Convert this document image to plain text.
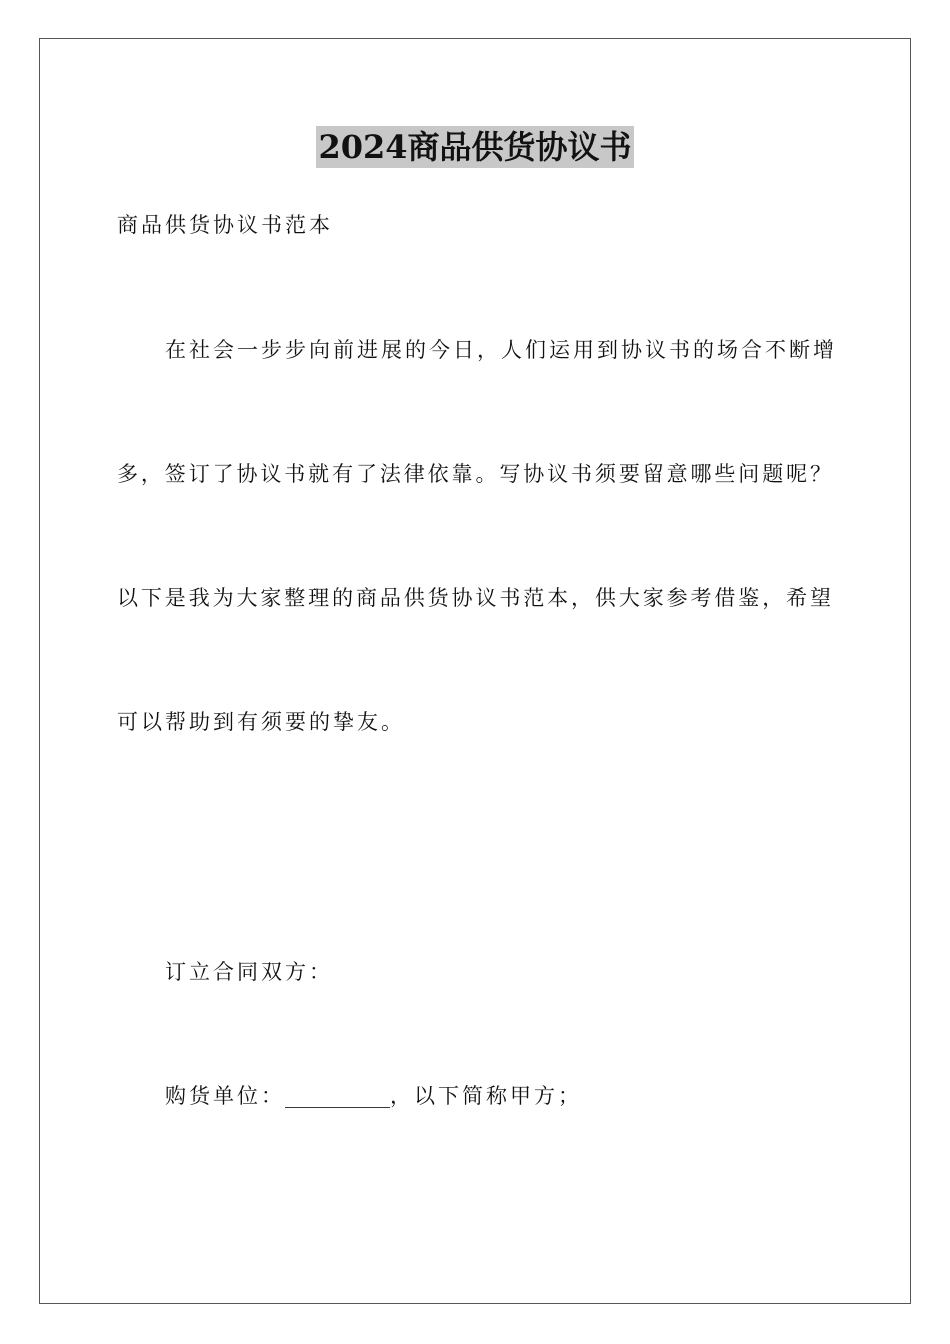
2024商品供货协议书
商品供货协议书范本
在社会一步步向前进展的今日，人们运用到协议书的场合不断增
多，签订了协议书就有了法律依靠。写协议书须要留意哪些问题呢？
以下是我为大家整理的商品供货协议书范本，供大家参考借鉴，希望
可以帮助到有须要的挚友。
订立合同双方：
购货单位：__________，以下简称甲方；
